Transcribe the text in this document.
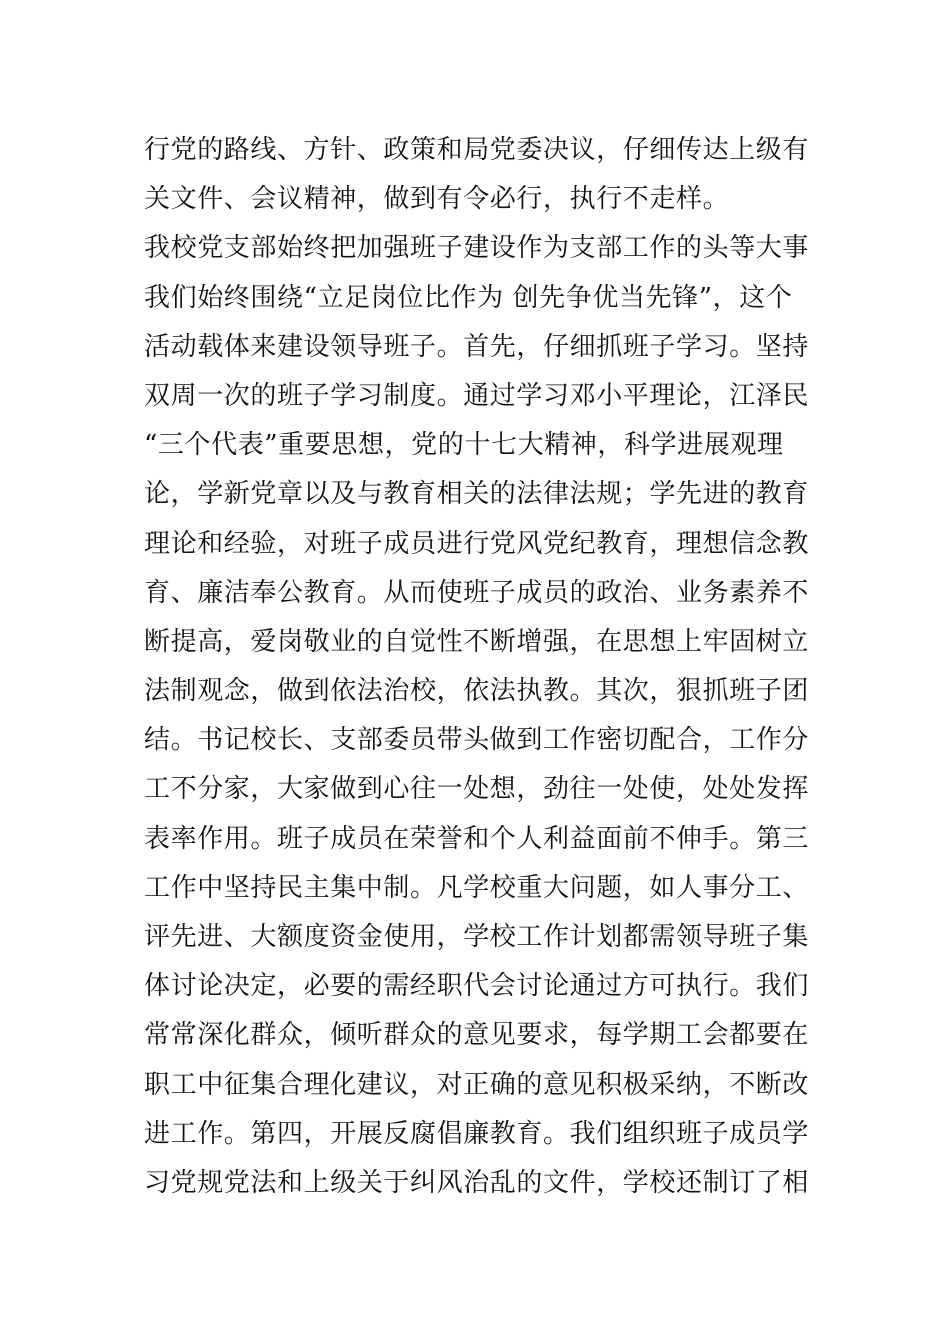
行党的路线、方针、政策和局党委决议，仔细传达上级有
关文件、会议精神，做到有令必行，执行不走样。
我校党支部始终把加强班子建设作为支部工作的头等大事
我们始终围绕“立足岗位比作为 创先争优当先锋”，这个
活动载体来建设领导班子。首先，仔细抓班子学习。坚持
双周一次的班子学习制度。通过学习邓小平理论，江泽民
“三个代表”重要思想，党的十七大精神，科学进展观理
论，学新党章以及与教育相关的法律法规；学先进的教育
理论和经验，对班子成员进行党风党纪教育，理想信念教
育、廉洁奉公教育。从而使班子成员的政治、业务素养不
断提高，爱岗敬业的自觉性不断增强，在思想上牢固树立
法制观念，做到依法治校，依法执教。其次，狠抓班子团
结。书记校长、支部委员带头做到工作密切配合，工作分
工不分家，大家做到心往一处想，劲往一处使，处处发挥
表率作用。班子成员在荣誉和个人利益面前不伸手。第三
工作中坚持民主集中制。凡学校重大问题，如人事分工、
评先进、大额度资金使用，学校工作计划都需领导班子集
体讨论决定，必要的需经职代会讨论通过方可执行。我们
常常深化群众，倾听群众的意见要求，每学期工会都要在
职工中征集合理化建议，对正确的意见积极采纳，不断改
进工作。第四，开展反腐倡廉教育。我们组织班子成员学
习党规党法和上级关于纠风治乱的文件，学校还制订了相
